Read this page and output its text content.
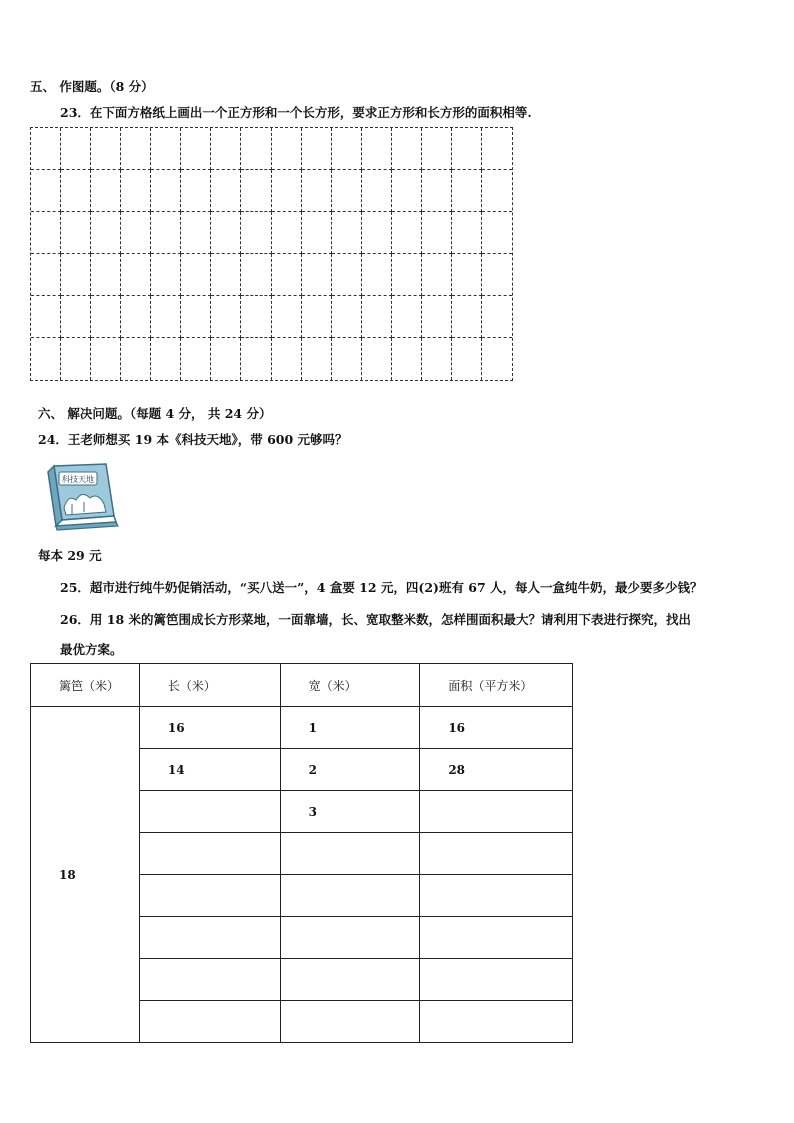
五、 作图题。（8 分）
23．在下面方格纸上画出一个正方形和一个长方形，要求正方形和长方形的面积相等.
六、 解决问题。（每题 4 分， 共 24 分）
24．王老师想买 19 本《科技天地》，带 600 元够吗？
科技天地
每本 29 元
25．超市进行纯牛奶促销活动，“买八送一”，4 盒要 12 元，四(2)班有 67 人，每人一盒纯牛奶，最少要多少钱？
26．用 18 米的篱笆围成长方形菜地，一面靠墙，长、宽取整米数，怎样围面积最大？请利用下表进行探究，找出
最优方案。
篱笆（米）	长（米）	宽（米）	面积（平方米）
18	16	1	16
	14	2	28
		3	
